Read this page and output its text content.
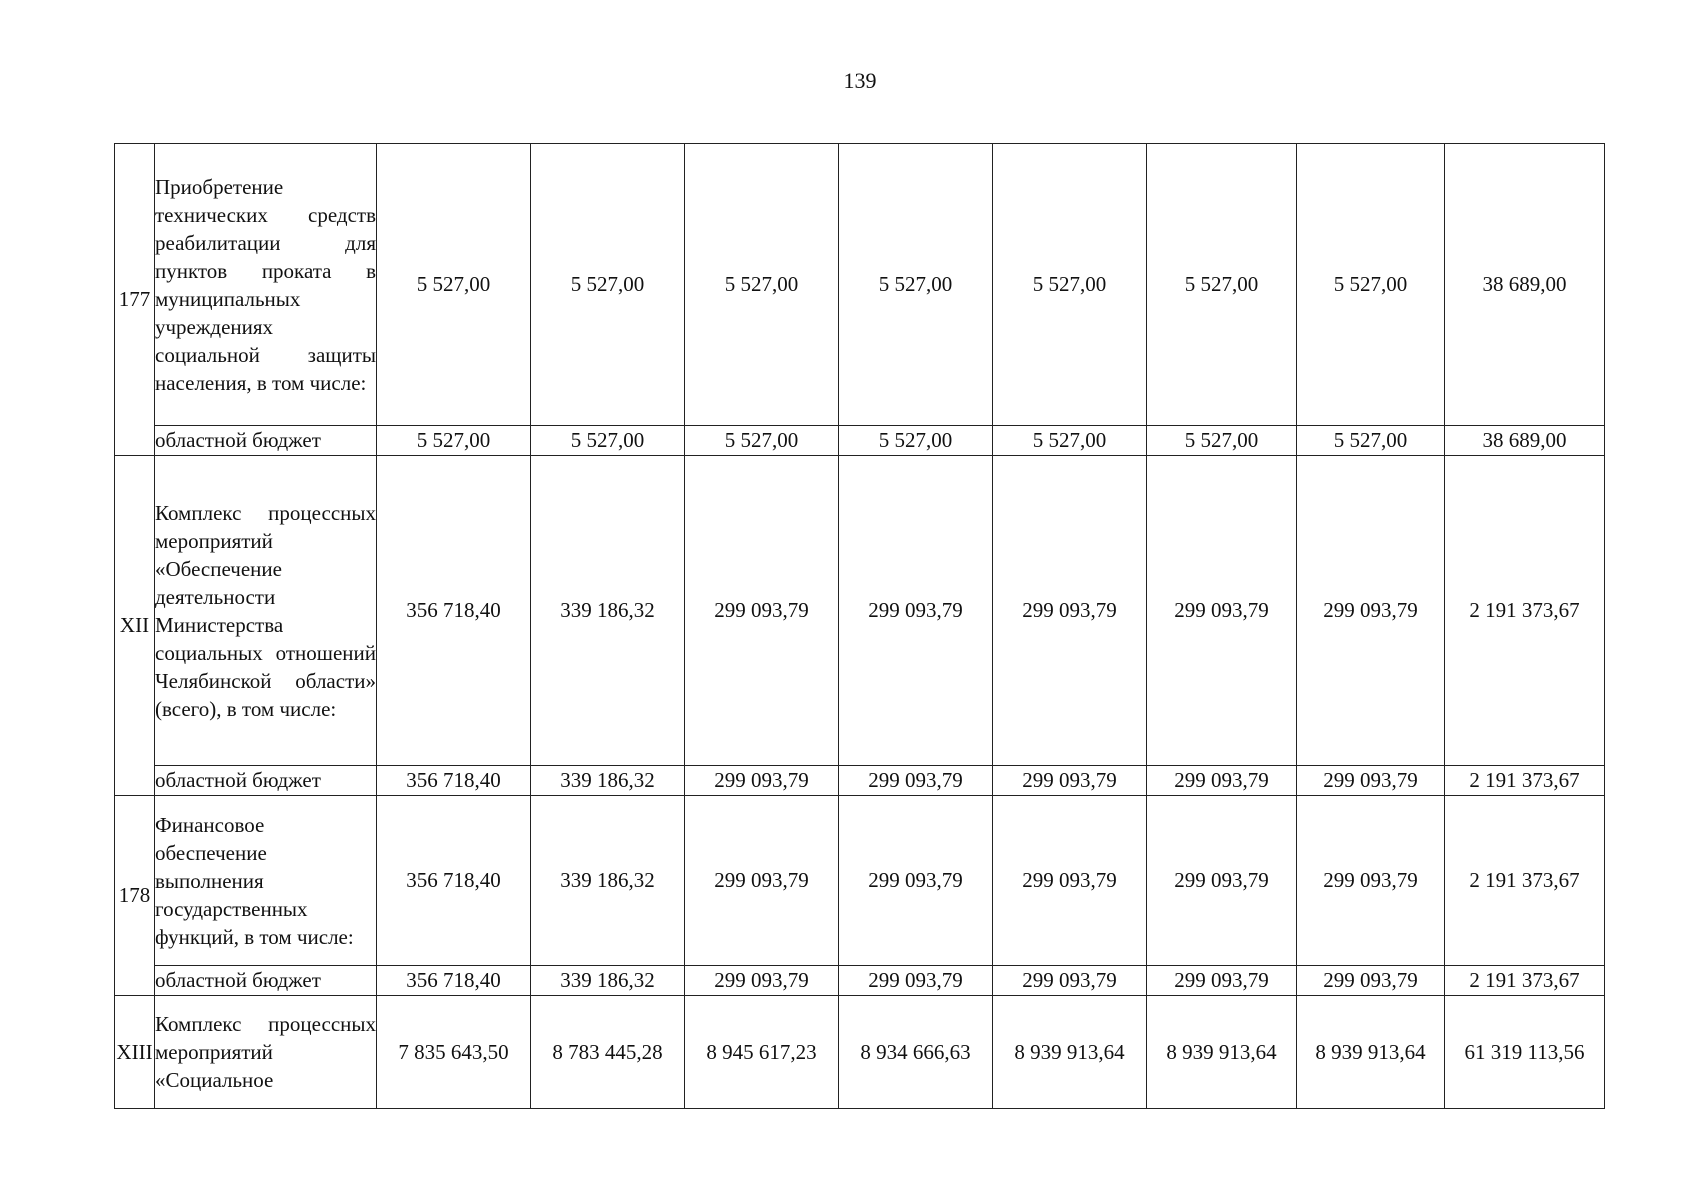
139
177	Приобретение технических средств реабилитации для пунктов проката в муниципальных учреждениях социальной защиты населения, в том числе:	5 527,00	5 527,00	5 527,00	5 527,00	5 527,00	5 527,00	5 527,00	38 689,00
	областной бюджет	5 527,00	5 527,00	5 527,00	5 527,00	5 527,00	5 527,00	5 527,00	38 689,00
XII	Комплекс процессных мероприятий «Обеспечение деятельности Министерства социальных отношений Челябинской области» (всего), в том числе:	356 718,40	339 186,32	299 093,79	299 093,79	299 093,79	299 093,79	299 093,79	2 191 373,67
	областной бюджет	356 718,40	339 186,32	299 093,79	299 093,79	299 093,79	299 093,79	299 093,79	2 191 373,67
178	Финансовое обеспечение выполнения государственных функций, в том числе:	356 718,40	339 186,32	299 093,79	299 093,79	299 093,79	299 093,79	299 093,79	2 191 373,67
	областной бюджет	356 718,40	339 186,32	299 093,79	299 093,79	299 093,79	299 093,79	299 093,79	2 191 373,67
XIII	Комплекс процессных мероприятий «Социальное	7 835 643,50	8 783 445,28	8 945 617,23	8 934 666,63	8 939 913,64	8 939 913,64	8 939 913,64	61 319 113,56
